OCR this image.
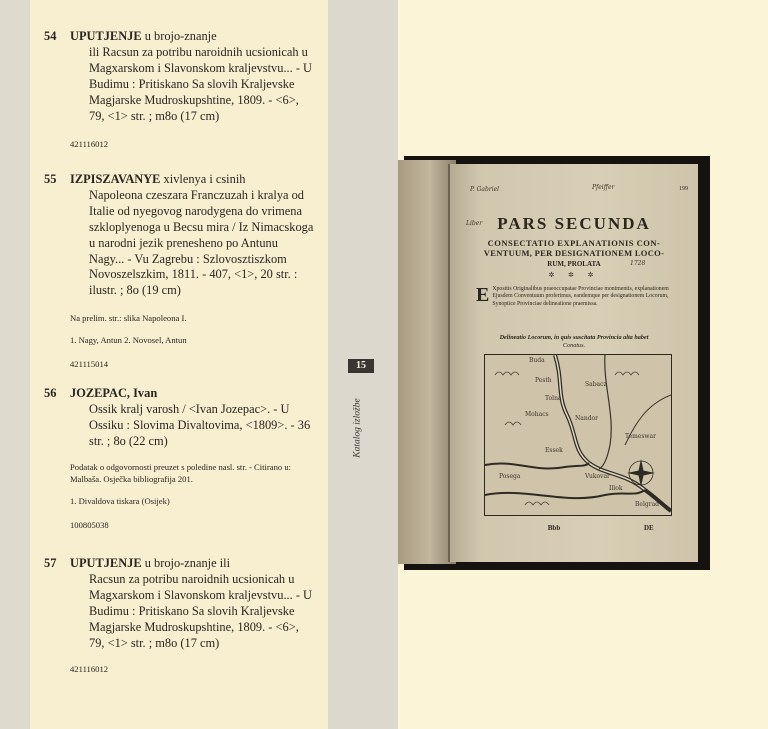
54 UPUTJENJE u brojo-znanje
ili Racsun za potribu naroidnih ucsionicah u Magxarskom i Slavonskom kraljevstvu... - U Budimu : Pritiskano Sa slovih Kraljevske Magjarske Mudroskupshtine, 1809. - <6>, 79, <1> str. ; m8o (17 cm)
421116012
55 IZPISZAVANYE xivlenya i csinih
Napoleona czeszara Franczuzah i kralya od Italie od nyegovog narodygena do vrimena szkloplyenoga u Becsu mira / Iz Nimacskoga u narodni jezik prenesheno po Antunu Nagy... - Vu Zagrebu : Szlovosztiszkom Novoszelszkim, 1811. - 407, <1>, 20 str. : ilustr. ; 8o (19 cm)
Na prelim. str.: slika Napoleona I.
1. Nagy, Antun 2. Novosel, Antun
421115014
56 JOZEPAC, Ivan
Ossik kralj varosh / <Ivan Jozepac>. - U Ossiku : Slovima Divaltovima, <1809>. - 36 str. ; 8o (22 cm)
Podatak o odgovornosti preuzet s poledine nasl. str. - Citirano u: Malbaša. Osječka bibliografija 201.
1. Divaldova tiskara (Osijek)
100805038
57 UPUTJENJE u brojo-znanje ili
Racsun za potribu naroidnih ucsionicah u Magxarskom i Slavonskom kraljevstvu... - U Budimu : Pritiskano Sa slovih Kraljevske Magjarske Mudroskupshtine, 1809. - <6>, 79, <1> str. ; m8o (17 cm)
421116012
15
Katalog izložbe
P. Gabriel	Pfeiffer
Liber
1728
199
PARS SECUNDA
CONSECTATIO EXPLANATIONIS CON-
VENTUUM, PER DESIGNATIONEM LOCO-
RUM, PROLATA
✲ ✲ ✲
E Xpositis Originalibus praeoccupatae Provinciae monimentis, explanationem Ejusdem Conventuum proferimus, eandemque per designationem Locorum, Synoptice Provinciae delineatione praemissa.
Delineatio Locorum, in quis suscitata Provincia alta habet
Conatus.
Buda
Pesth
Tolna
Sabacz
Nandor
Belgrad
Mohacs
Essek
Vukovar
Illok
Posega
Temeswar
Bbb	DE
